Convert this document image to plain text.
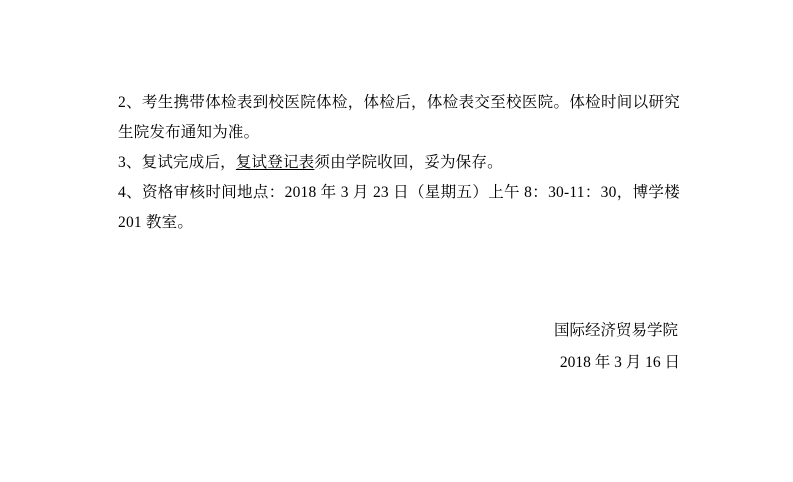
2、考生携带体检表到校医院体检，体检后，体检表交至校医院。体检时间以研究生院发布通知为准。

3、复试完成后，复试登记表须由学院收回，妥为保存。

4、资格审核时间地点：2018 年 3 月 23 日（星期五）上午 8：30-11：30，博学楼 201 教室。

国际经济贸易学院

2018 年 3 月 16 日
